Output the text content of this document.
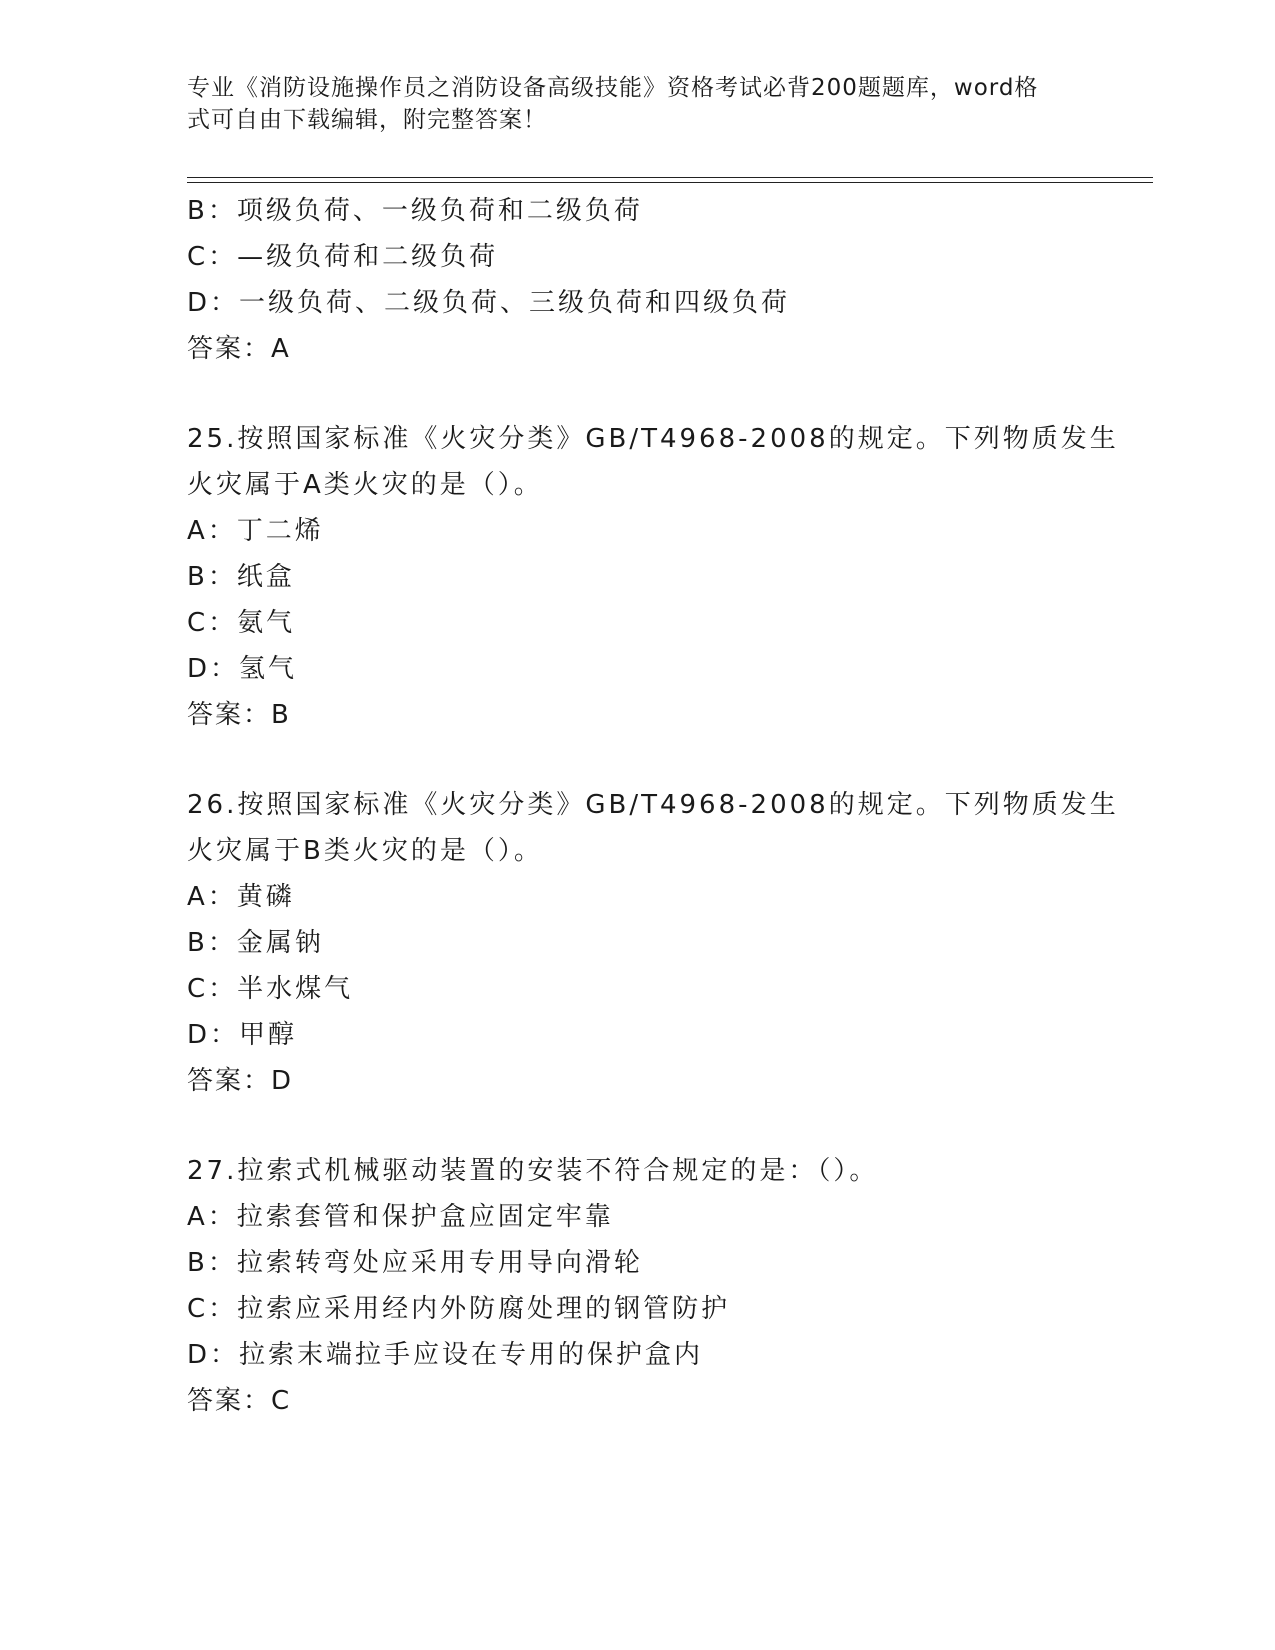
专业《消防设施操作员之消防设备高级技能》资格考试必背200题题库，word格
式可自由下载编辑，附完整答案！
B：项级负荷、一级负荷和二级负荷
C：—级负荷和二级负荷
D：一级负荷、二级负荷、三级负荷和四级负荷
答案：A
25.按照国家标准《火灾分类》GB/T4968-2008的规定。下列物质发生
火灾属于A类火灾的是（）。
A：丁二烯
B：纸盒
C：氨气
D：氢气
答案：B
26.按照国家标准《火灾分类》GB/T4968-2008的规定。下列物质发生
火灾属于B类火灾的是（）。
A：黄磷
B：金属钠
C：半水煤气
D：甲醇
答案：D
27.拉索式机械驱动装置的安装不符合规定的是：（）。
A：拉索套管和保护盒应固定牢靠
B：拉索转弯处应采用专用导向滑轮
C：拉索应采用经内外防腐处理的钢管防护
D：拉索末端拉手应设在专用的保护盒内
答案：C
